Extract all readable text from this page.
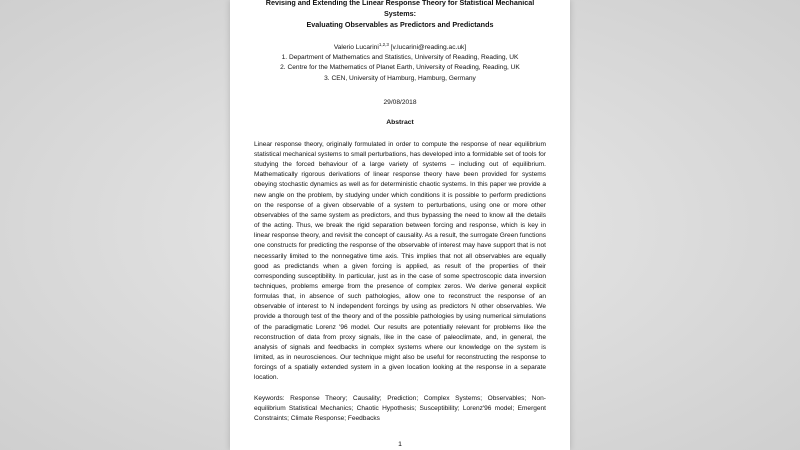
Revising and Extending the Linear Response Theory for Statistical Mechanical Systems:
Evaluating Observables as Predictors and Predictands
Valerio Lucarini$^{1,2,3}$ [v.lucarini@reading.ac.uk]
1. Department of Mathematics and Statistics, University of Reading, Reading, UK
2. Centre for the Mathematics of Planet Earth, University of Reading, Reading, UK
3. CEN, University of Hamburg, Hamburg, Germany
29/08/2018
Abstract
Linear response theory, originally formulated in order to compute the response of near equilibrium statistical mechanical systems to small perturbations, has developed into a formidable set of tools for studying the forced behaviour of a large variety of systems – including out of equilibrium. Mathematically rigorous derivations of linear response theory have been provided for systems obeying stochastic dynamics as well as for deterministic chaotic systems. In this paper we provide a new angle on the problem, by studying under which conditions it is possible to perform predictions on the response of a given observable of a system to perturbations, using one or more other observables of the same system as predictors, and thus bypassing the need to know all the details of the acting. Thus, we break the rigid separation between forcing and response, which is key in linear response theory, and revisit the concept of causality. As a result, the surrogate Green functions one constructs for predicting the response of the observable of interest may have support that is not necessarily limited to the nonnegative time axis. This implies that not all observables are equally good as predictands when a given forcing is applied, as result of the properties of their corresponding susceptibility. In particular, just as in the case of some spectroscopic data inversion techniques, problems emerge from the presence of complex zeros. We derive general explicit formulas that, in absence of such pathologies, allow one to reconstruct the response of an observable of interest to N independent forcings by using as predictors N other observables. We provide a thorough test of the theory and of the possible pathologies by using numerical simulations of the paradigmatic Lorenz '96 model. Our results are potentially relevant for problems like the reconstruction of data from proxy signals, like in the case of paleoclimate, and, in general, the analysis of signals and feedbacks in complex systems where our knowledge on the system is limited, as in neurosciences. Our technique might also be useful for reconstructing the response to forcings of a spatially extended system in a given location looking at the response in a separate location.
Keywords: Response Theory; Causality; Prediction; Complex Systems; Observables; Non-equilibrium Statistical Mechanics; Chaotic Hypothesis; Susceptibility; Lorenz'96 model; Emergent Constraints; Climate Response; Feedbacks
1
